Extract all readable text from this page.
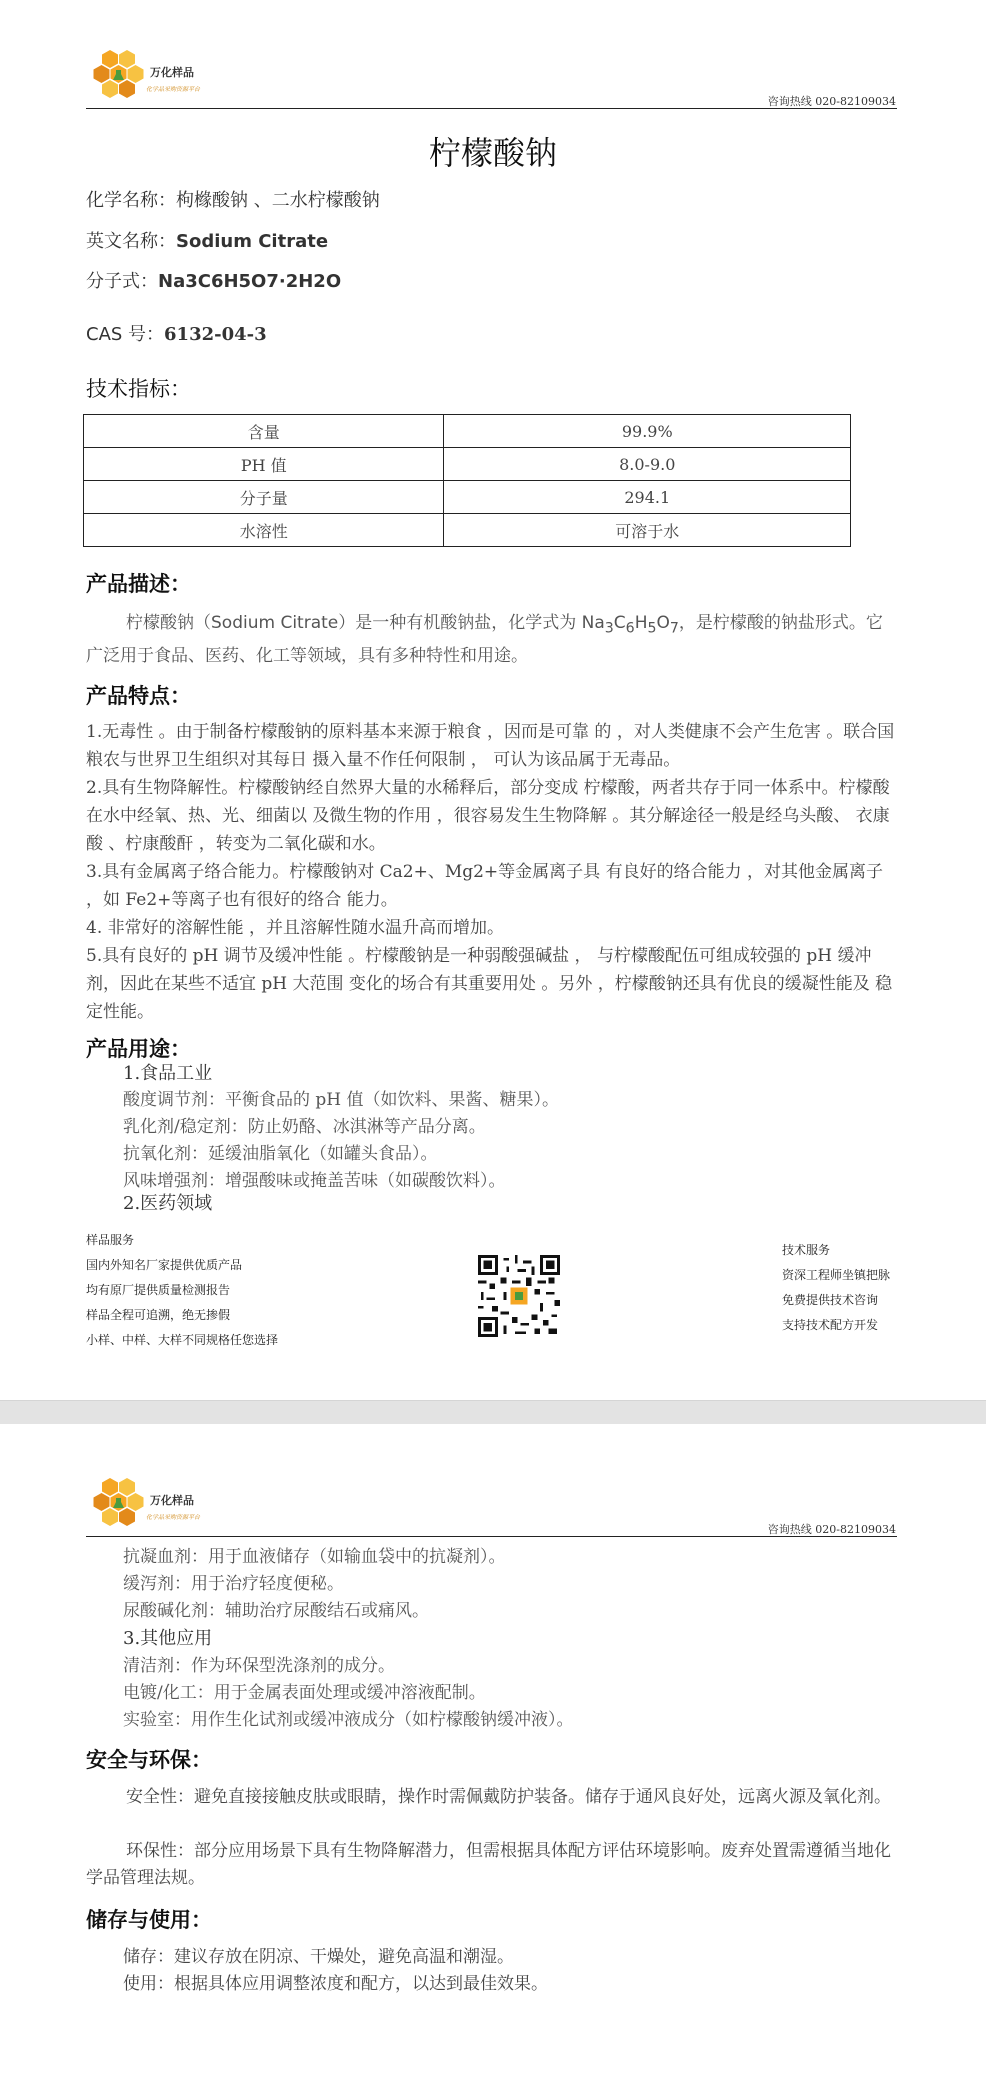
万化样品
化学品采购资源平台
咨询热线 020-82109034
柠檬酸钠
化学名称：枸橼酸钠 、二水柠檬酸钠
英文名称：Sodium Citrate
分子式：Na3C6H5O7·2H2O
CAS 号：6132-04-3
技术指标：
含量	99.9%
PH 值	8.0-9.0
分子量	294.1
水溶性	可溶于水
产品描述：
柠檬酸钠（Sodium Citrate）是一种有机酸钠盐，化学式为 $Na_3C_6H_5O_7$，是柠檬酸的钠盐形式。它广泛用于食品、医药、化工等领域，具有多种特性和用途。
产品特点：
1.无毒性 。由于制备柠檬酸钠的原料基本来源于粮食 ，因而是可靠 的 ，对人类健康不会产生危害 。联合国粮农与世界卫生组织对其每日 摄入量不作任何限制 ， 可认为该品属于无毒品。
2.具有生物降解性。柠檬酸钠经自然界大量的水稀释后，部分变成 柠檬酸，两者共存于同一体系中。柠檬酸在水中经氧、热、光、细菌以 及微生物的作用 ，很容易发生生物降解 。其分解途径一般是经乌头酸、 衣康酸 、柠康酸酐 ，转变为二氧化碳和水。
3.具有金属离子络合能力。柠檬酸钠对 Ca2+、Mg2+等金属离子具 有良好的络合能力 ，对其他金属离子 ，如 Fe2+等离子也有很好的络合 能力。
4. 非常好的溶解性能 ，并且溶解性随水温升高而增加。
5.具有良好的 pH 调节及缓冲性能 。柠檬酸钠是一种弱酸强碱盐 ， 与柠檬酸配伍可组成较强的 pH 缓冲剂，因此在某些不适宜 pH 大范围 变化的场合有其重要用处 。另外 ，柠檬酸钠还具有优良的缓凝性能及 稳定性能。
产品用途：
1.食品工业
酸度调节剂：平衡食品的 pH 值（如饮料、果酱、糖果）。
乳化剂/稳定剂：防止奶酪、冰淇淋等产品分离。
抗氧化剂：延缓油脂氧化（如罐头食品）。
风味增强剂：增强酸味或掩盖苦味（如碳酸饮料）。
2.医药领域
样品服务
国内外知名厂家提供优质产品
均有原厂提供质量检测报告
样品全程可追溯，绝无掺假
小样、中样、大样不同规格任您选择
技术服务
资深工程师坐镇把脉
免费提供技术咨询
支持技术配方开发
万化样品
化学品采购资源平台
咨询热线 020-82109034
抗凝血剂：用于血液储存（如输血袋中的抗凝剂）。
缓泻剂：用于治疗轻度便秘。
尿酸碱化剂：辅助治疗尿酸结石或痛风。
3.其他应用
清洁剂：作为环保型洗涤剂的成分。
电镀/化工：用于金属表面处理或缓冲溶液配制。
实验室：用作生化试剂或缓冲液成分（如柠檬酸钠缓冲液）。
安全与环保：
安全性：避免直接接触皮肤或眼睛，操作时需佩戴防护装备。储存于通风良好处，远离火源及氧化剂。
环保性：部分应用场景下具有生物降解潜力，但需根据具体配方评估环境影响。废弃处置需遵循当地化学品管理法规。
储存与使用：
储存：建议存放在阴凉、干燥处，避免高温和潮湿。
使用：根据具体应用调整浓度和配方，以达到最佳效果。
